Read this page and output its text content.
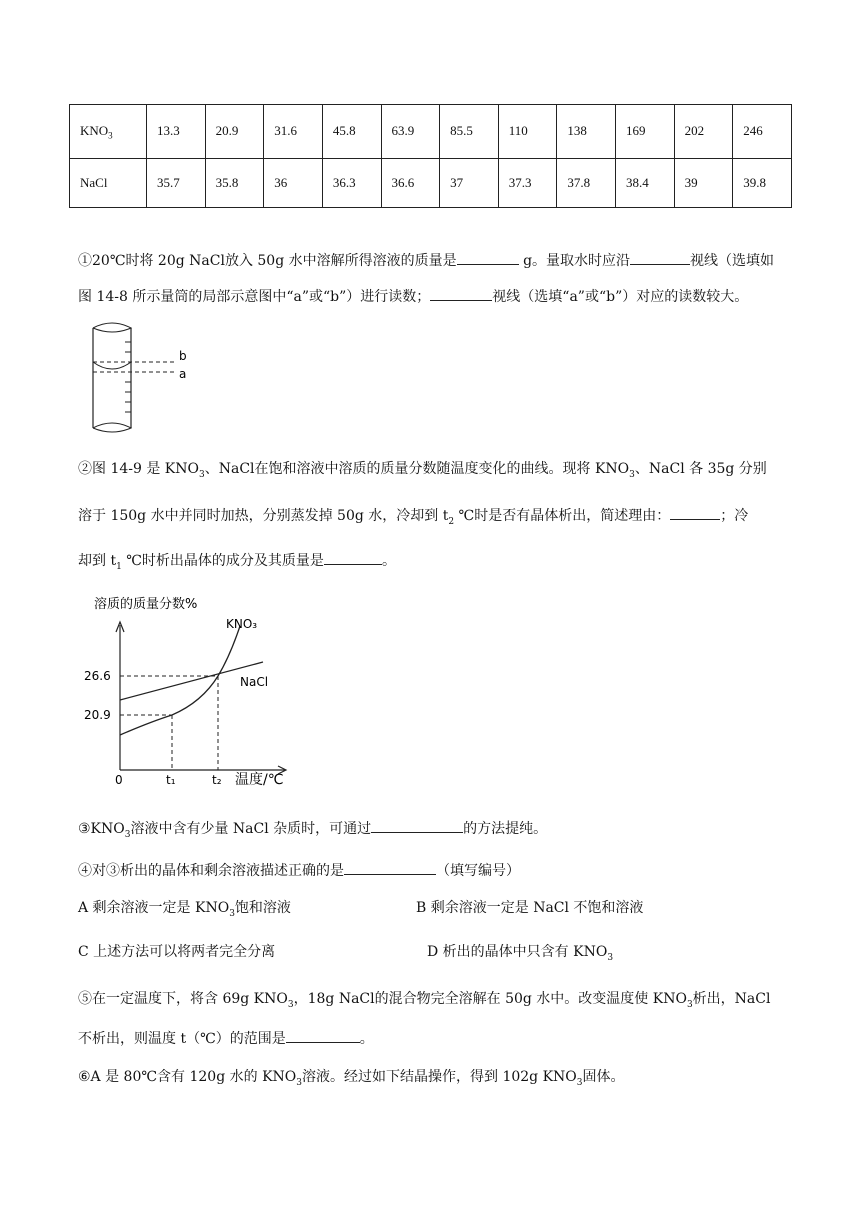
$KNO_3$	13.3	20.9	31.6	45.8	63.9	85.5	110	138	169	202	246
NaCl	35.7	35.8	36	36.3	36.6	37	37.3	37.8	38.4	39	39.8
①20℃时将 20g NaCl放入 50g 水中溶解所得溶液的质量是	g。量取水时应沿	视线（选填如
图 14-8 所示量筒的局部示意图中“a”或“b”）进行读数；	视线（选填“a”或“b”）对应的读数较大。
b
a
②图 14-9 是 $KNO_3$、NaCl在饱和溶液中溶质的质量分数随温度变化的曲线。现将 $KNO_3$、NaCl 各 35g 分别
溶于 150g 水中并同时加热，分别蒸发掉 50g 水，冷却到 $t_2$ ℃时是否有晶体析出，简述理由：	；冷
却到 $t_1$ ℃时析出晶体的成分及其质量是	。
溶质的质量分数%
26.6
20.9
0	t₁	t₂ 温度/℃
KNO₃
NaCl
$③KNO_3$溶液中含有少量 NaCl 杂质时，可通过	的方法提纯。
④对③析出的晶体和剩余溶液描述正确的是	（填写编号）
A 剩余溶液一定是 $KNO_3$饱和溶液	B 剩余溶液一定是 NaCl 不饱和溶液
C 上述方法可以将两者完全分离	D 析出的晶体中只含有 $KNO_3$
⑤在一定温度下，将含 69g $KNO_3$，18g NaCl的混合物完全溶解在 50g 水中。改变温度使 $KNO_3$析出，NaCl
不析出，则温度 t（℃）的范围是	。
⑥A 是 80℃含有 120g 水的 $KNO_3$溶液。经过如下结晶操作，得到 102g $KNO_3$固体。
